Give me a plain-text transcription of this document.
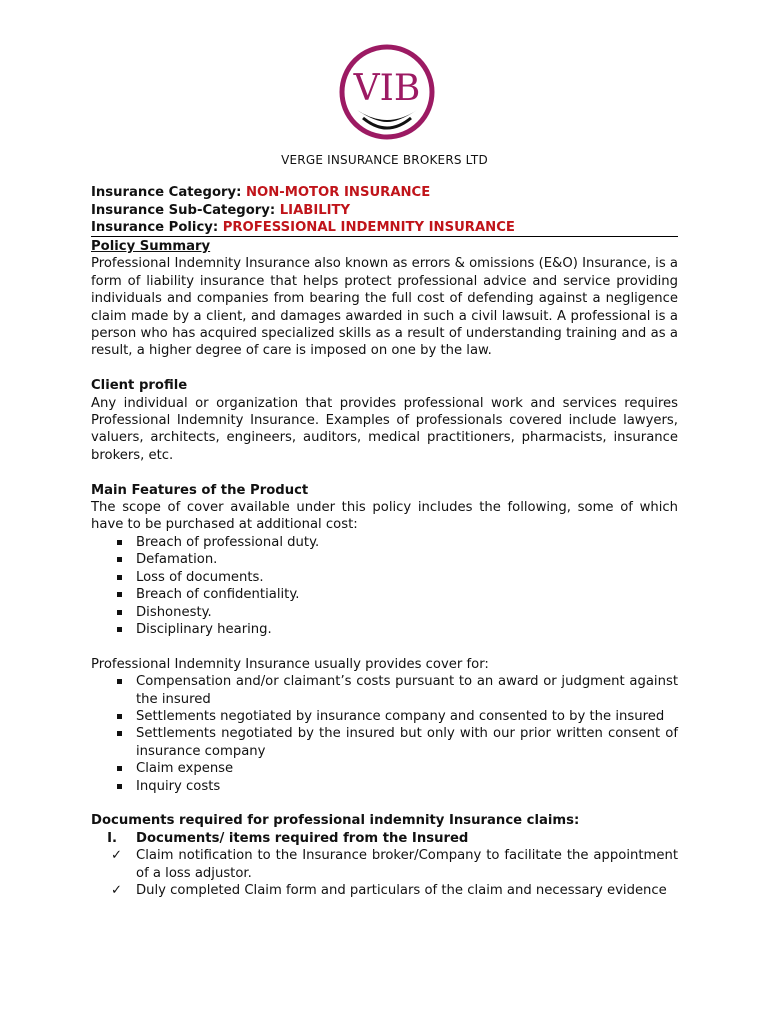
VIB
VERGE INSURANCE BROKERS LTD
Insurance Category: NON-MOTOR INSURANCE
Insurance Sub-Category: LIABILITY
Insurance Policy: PROFESSIONAL INDEMNITY INSURANCE
Policy Summary

Professional Indemnity Insurance also known as errors & omissions (E&O) Insurance, is a form of liability insurance that helps protect professional advice and service providing individuals and companies from bearing the full cost of defending against a negligence claim made by a client, and damages awarded in such a civil lawsuit. A professional is a person who has acquired specialized skills as a result of understanding training and as a result, a higher degree of care is imposed on one by the law.

Client profile

Any individual or organization that provides professional work and services requires Professional Indemnity Insurance. Examples of professionals covered include lawyers, valuers, architects, engineers, auditors, medical practitioners, pharmacists, insurance brokers, etc.

Main Features of the Product

The scope of cover available under this policy includes the following, some of which have to be purchased at additional cost:

Breach of professional duty.
Defamation.
Loss of documents.
Breach of confidentiality.
Dishonesty.
Disciplinary hearing.

Professional Indemnity Insurance usually provides cover for:

Compensation and/or claimant’s costs pursuant to an award or judgment against the insured
Settlements negotiated by insurance company and consented to by the insured
Settlements negotiated by the insured but only with our prior written consent of insurance company
Claim expense
Inquiry costs
Documents required for professional indemnity Insurance claims:
I. Documents/ items required from the Insured
✓ Claim notification to the Insurance broker/Company to facilitate the appointment of a loss adjustor.
✓ Duly completed Claim form and particulars of the claim and necessary evidence
